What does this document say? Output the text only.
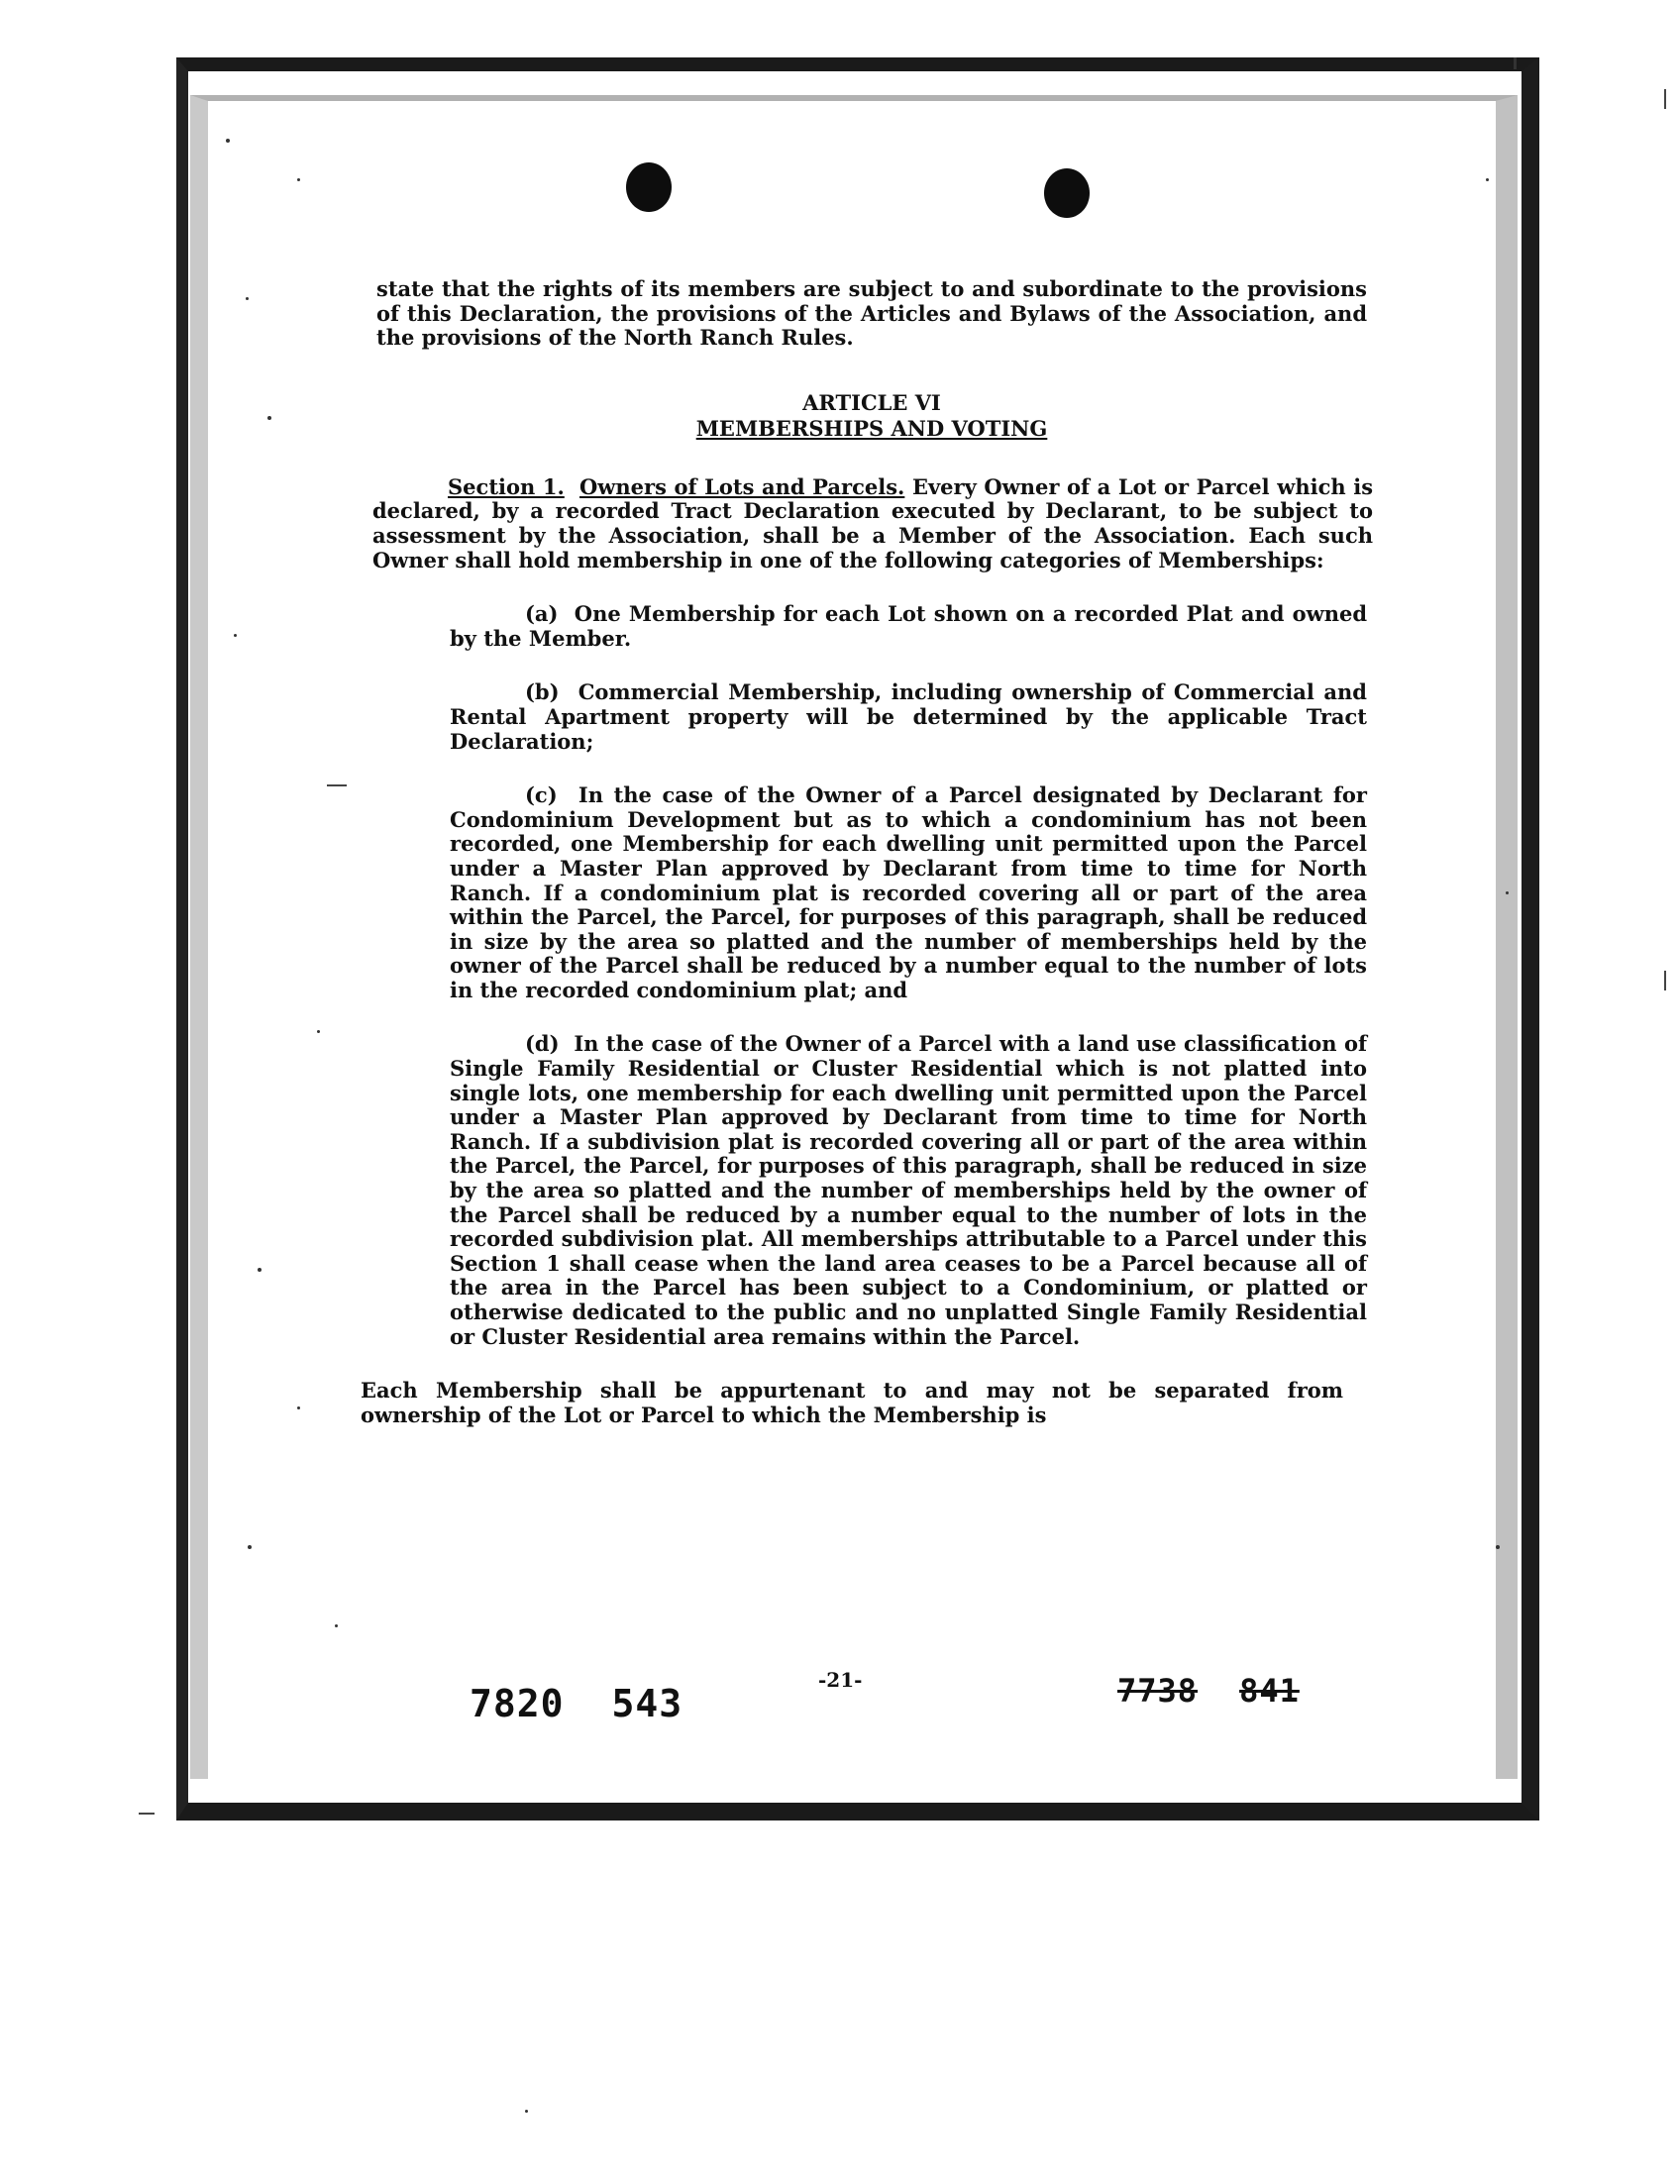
state that the rights of its members are subject to and subordinate to the provisions of this Declaration, the provisions of the Articles and Bylaws of the Association, and the provisions of the North Ranch Rules.

ARTICLE VI
MEMBERSHIPS AND VOTING

Section 1. Owners of Lots and Parcels. Every Owner of a Lot or Parcel which is declared, by a recorded Tract Declaration executed by Declarant, to be subject to assessment by the Association, shall be a Member of the Association. Each such Owner shall hold membership in one of the following categories of Memberships:

(a) One Membership for each Lot shown on a recorded Plat and owned by the Member.

(b) Commercial Membership, including ownership of Commercial and Rental Apartment property will be determined by the applicable Tract Declaration;

(c) In the case of the Owner of a Parcel designated by Declarant for Condominium Development but as to which a condominium has not been recorded, one Membership for each dwelling unit permitted upon the Parcel under a Master Plan approved by Declarant from time to time for North Ranch. If a condominium plat is recorded covering all or part of the area within the Parcel, the Parcel, for purposes of this paragraph, shall be reduced in size by the area so platted and the number of memberships held by the owner of the Parcel shall be reduced by a number equal to the number of lots in the recorded condominium plat; and

(d) In the case of the Owner of a Parcel with a land use classification of Single Family Residential or Cluster Residential which is not platted into single lots, one membership for each dwelling unit permitted upon the Parcel under a Master Plan approved by Declarant from time to time for North Ranch. If a subdivision plat is recorded covering all or part of the area within the Parcel, the Parcel, for purposes of this paragraph, shall be reduced in size by the area so platted and the number of memberships held by the owner of the Parcel shall be reduced by a number equal to the number of lots in the recorded subdivision plat. All memberships attributable to a Parcel under this Section 1 shall cease when the land area ceases to be a Parcel because all of the area in the Parcel has been subject to a Condominium, or platted or otherwise dedicated to the public and no unplatted Single Family Residential or Cluster Residential area remains within the Parcel.

Each Membership shall be appurtenant to and may not be separated from ownership of the Lot or Parcel to which the Membership is

-21-
7820 543	7738 841
